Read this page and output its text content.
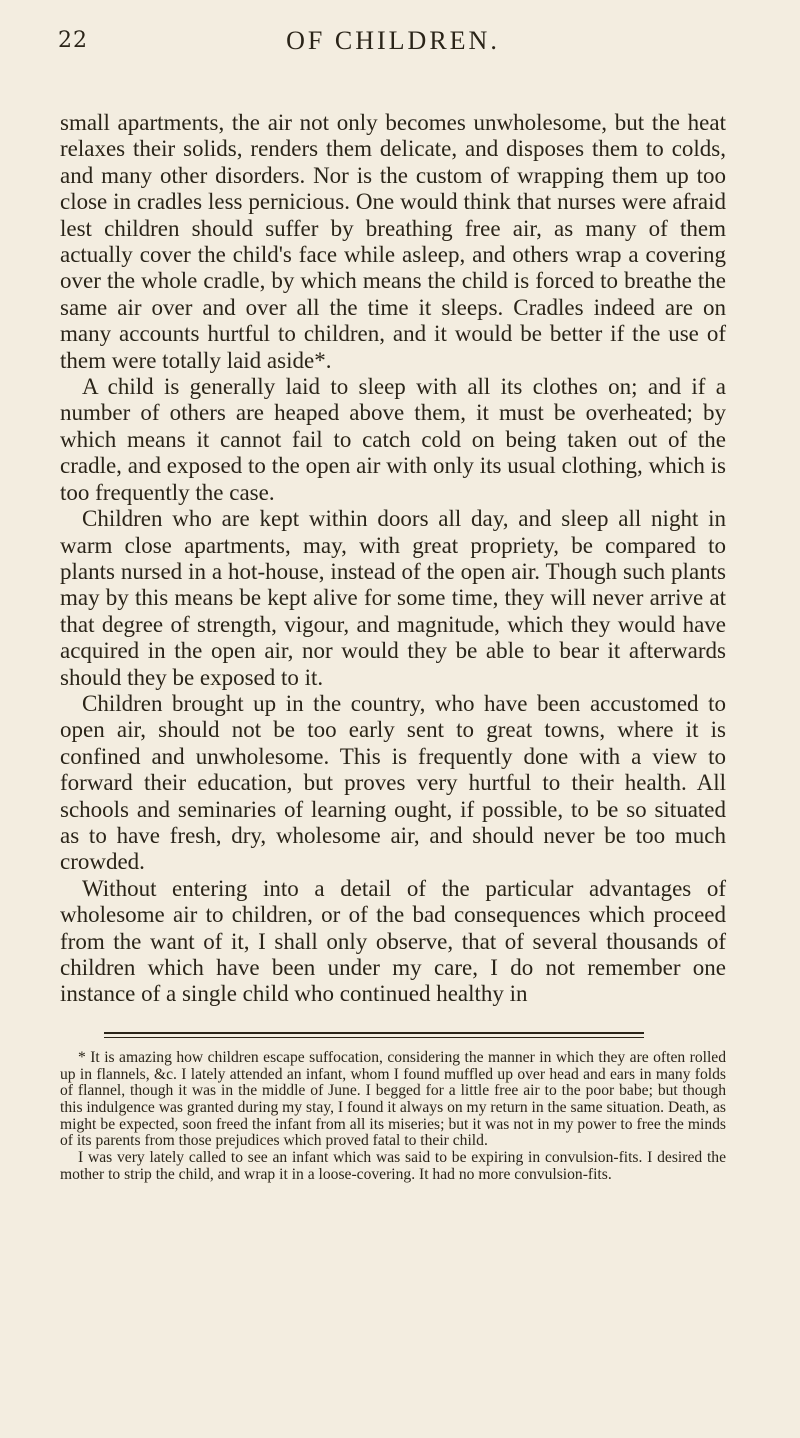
22	OF CHILDREN.

small apartments, the air not only becomes unwholesome, but the heat relaxes their solids, renders them delicate, and disposes them to colds, and many other disorders. Nor is the custom of wrapping them up too close in cradles less pernicious. One would think that nurses were afraid lest children should suffer by breathing free air, as many of them actually cover the child's face while asleep, and others wrap a covering over the whole cradle, by which means the child is forced to breathe the same air over and over all the time it sleeps. Cradles indeed are on many accounts hurtful to children, and it would be better if the use of them were totally laid aside*.

A child is generally laid to sleep with all its clothes on; and if a number of others are heaped above them, it must be overheated; by which means it cannot fail to catch cold on being taken out of the cradle, and exposed to the open air with only its usual clothing, which is too frequently the case.

Children who are kept within doors all day, and sleep all night in warm close apartments, may, with great propriety, be compared to plants nursed in a hot-house, instead of the open air. Though such plants may by this means be kept alive for some time, they will never arrive at that degree of strength, vigour, and magnitude, which they would have acquired in the open air, nor would they be able to bear it afterwards should they be exposed to it.

Children brought up in the country, who have been accustomed to open air, should not be too early sent to great towns, where it is confined and unwholesome. This is frequently done with a view to forward their education, but proves very hurtful to their health. All schools and seminaries of learning ought, if possible, to be so situated as to have fresh, dry, wholesome air, and should never be too much crowded.

Without entering into a detail of the particular advantages of wholesome air to children, or of the bad consequences which proceed from the want of it, I shall only observe, that of several thousands of children which have been under my care, I do not remember one instance of a single child who continued healthy in

* It is amazing how children escape suffocation, considering the manner in which they are often rolled up in flannels, &c. I lately attended an infant, whom I found muffled up over head and ears in many folds of flannel, though it was in the middle of June. I begged for a little free air to the poor babe; but though this indulgence was granted during my stay, I found it always on my return in the same situation. Death, as might be expected, soon freed the infant from all its miseries; but it was not in my power to free the minds of its parents from those prejudices which proved fatal to their child.

I was very lately called to see an infant which was said to be expiring in convulsion-fits. I desired the mother to strip the child, and wrap it in a loose-covering. It had no more convulsion-fits.
